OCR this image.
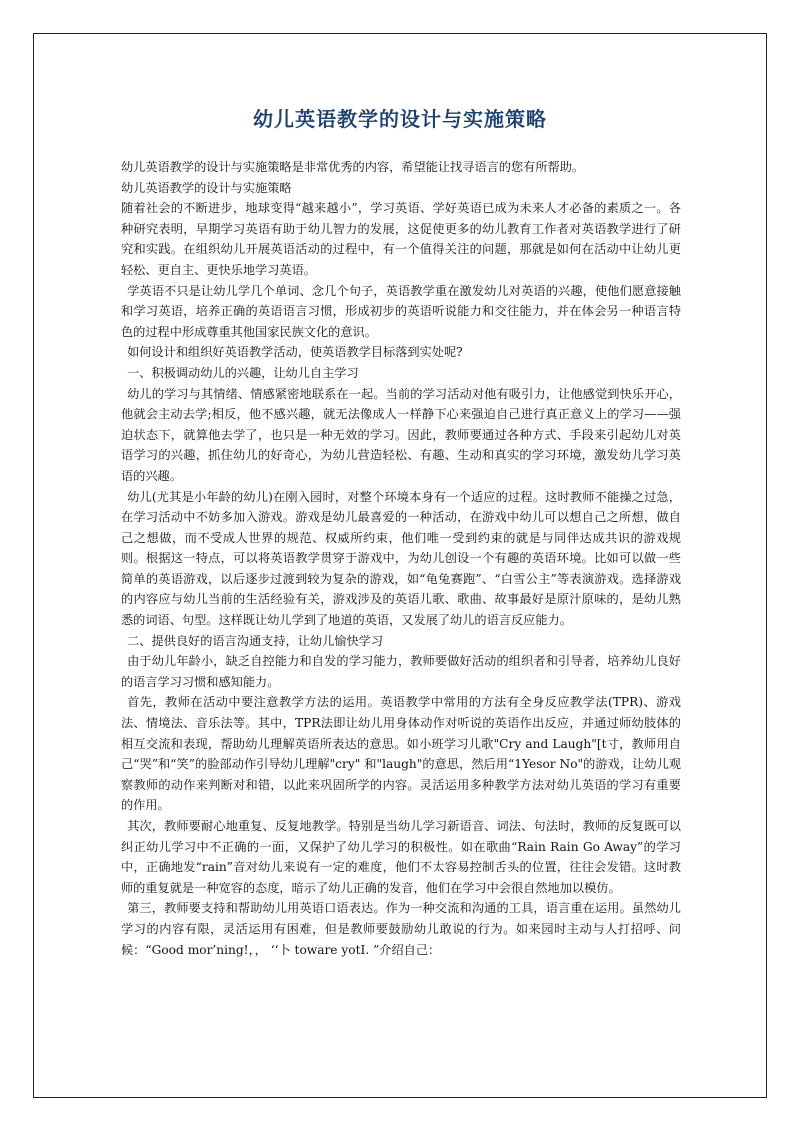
幼儿英语教学的设计与实施策略

幼儿英语教学的设计与实施策略是非常优秀的内容，希望能让找寻语言的您有所帮助。

幼儿英语教学的设计与实施策略

随着社会的不断进步，地球变得“越来越小”，学习英语、学好英语已成为未来人才必备的素质之一。各种研究表明，早期学习英语有助于幼儿智力的发展，这促使更多的幼儿教育工作者对英语教学进行了研究和实践。在组织幼儿开展英语活动的过程中，有一个值得关注的问题，那就是如何在活动中让幼儿更轻松、更自主、更快乐地学习英语。

学英语不只是让幼儿学几个单词、念几个句子，英语教学重在激发幼儿对英语的兴趣，使他们愿意接触和学习英语，培养正确的英语语言习惯，形成初步的英语听说能力和交往能力，并在体会另一种语言特色的过程中形成尊重其他国家民族文化的意识。

如何设计和组织好英语教学活动，使英语教学目标落到实处呢?

一、积极调动幼儿的兴趣，让幼儿自主学习

幼儿的学习与其情绪、情感紧密地联系在一起。当前的学习活动对他有吸引力，让他感觉到快乐开心，他就会主动去学;相反，他不感兴趣，就无法像成人一样静下心来强迫自己进行真正意义上的学习——强迫状态下，就算他去学了，也只是一种无效的学习。因此，教师要通过各种方式、手段来引起幼儿对英语学习的兴趣，抓住幼儿的好奇心，为幼儿营造轻松、有趣、生动和真实的学习环境，激发幼儿学习英语的兴趣。

幼儿(尤其是小年龄的幼儿)在刚入园时，对整个环境本身有一个适应的过程。这时教师不能操之过急，在学习活动中不妨多加入游戏。游戏是幼儿最喜爱的一种活动，在游戏中幼儿可以想自己之所想，做自己之想做，而不受成人世界的规范、权威所约束，他们唯一受到约束的就是与同伴达成共识的游戏规则。根据这一特点，可以将英语教学贯穿于游戏中，为幼儿创设一个有趣的英语环境。比如可以做一些简单的英语游戏，以后逐步过渡到较为复杂的游戏，如“龟兔赛跑”、“白雪公主”等表演游戏。选择游戏的内容应与幼儿当前的生活经验有关，游戏涉及的英语儿歌、歌曲、故事最好是原汁原味的，是幼儿熟悉的词语、句型。这样既让幼儿学到了地道的英语，又发展了幼儿的语言反应能力。

二、提供良好的语言沟通支持，让幼儿愉快学习

由于幼儿年龄小，缺乏自控能力和自发的学习能力，教师要做好活动的组织者和引导者，培养幼儿良好的语言学习习惯和感知能力。

首先，教师在活动中要注意教学方法的运用。英语教学中常用的方法有全身反应教学法(TPR)、游戏法、情境法、音乐法等。其中，TPR法即让幼儿用身体动作对听说的英语作出反应，并通过师幼肢体的相互交流和表现，帮助幼儿理解英语所表达的意思。如小班学习儿歌"Cry and Laugh"[t寸，教师用自己“哭”和“笑”的脸部动作引导幼儿理解"cry" 和"laugh"的意思，然后用“1Yesor No"的游戏，让幼儿观察教师的动作来判断对和错，以此来巩固所学的内容。灵活运用多种教学方法对幼儿英语的学习有重要的作用。

其次，教师要耐心地重复、反复地教学。特别是当幼儿学习新语音、词法、句法时，教师的反复既可以纠正幼儿学习中不正确的一面，又保护了幼儿学习的积极性。如在歌曲“Rain Rain Go Away”的学习中，正确地发“rain”音对幼儿来说有一定的难度，他们不太容易控制舌头的位置，往往会发错。这时教师的重复就是一种宽容的态度，暗示了幼儿正确的发音，他们在学习中会很自然地加以模仿。

第三，教师要支持和帮助幼儿用英语口语表达。作为一种交流和沟通的工具，语言重在运用。虽然幼儿学习的内容有限，灵活运用有困难，但是教师要鼓励幼儿敢说的行为。如来园时主动与人打招呼、问候：“Good mor’ning!，， ‘‘卜 toware yotI. ”介绍自己：
